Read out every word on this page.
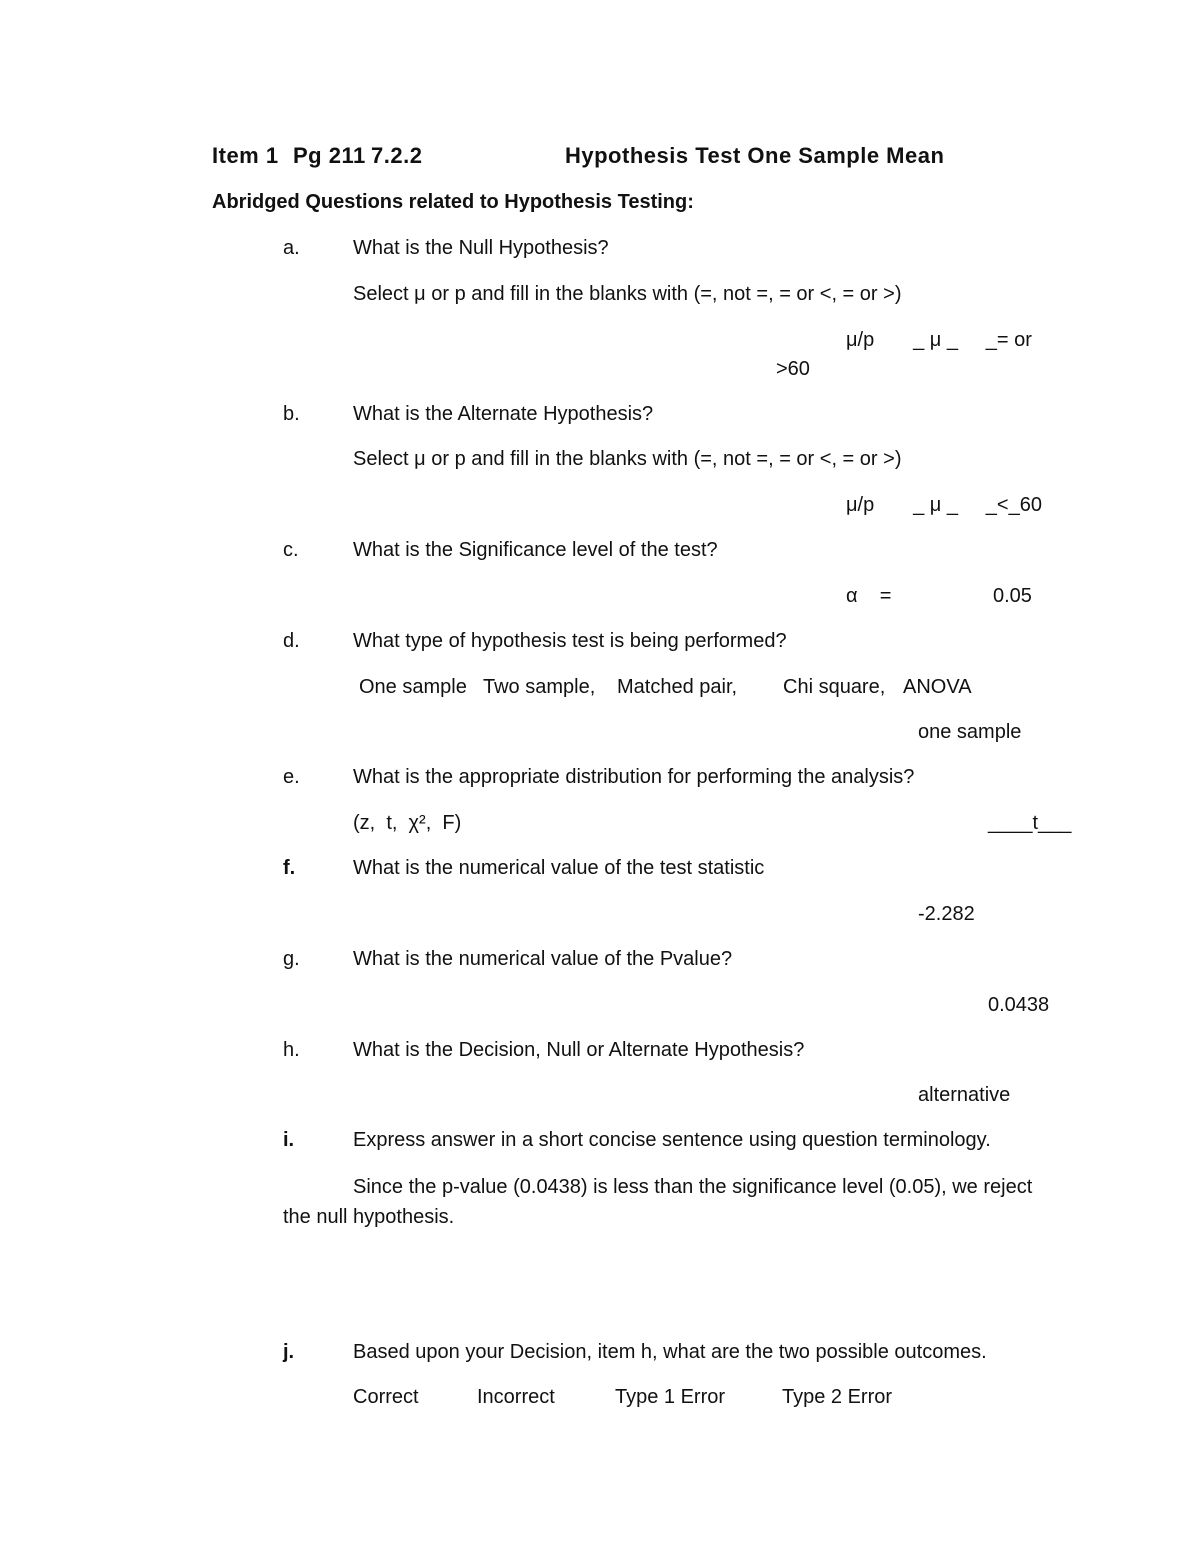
Item 1 Pg 211 7.2.2	Hypothesis Test One Sample Mean
Abridged Questions related to Hypothesis Testing:
a.	What is the Null Hypothesis?
Select μ or p and fill in the blanks with (=, not =, = or <, = or >)
μ/p       _ μ _     _= or
>60
b.	What is the Alternate Hypothesis?
Select μ or p and fill in the blanks with (=, not =, = or <, = or >)
μ/p       _ μ _     _<_60
c.	What is the Significance level of the test?
α    =	0.05
d.	What type of hypothesis test is being performed?
One sample Two sample, Matched pair, Chi square, ANOVA
one sample
e.	What is the appropriate distribution for performing the analysis?
(z,  t,  χ²,  F)	____t___
f.	What is the numerical value of the test statistic
-2.282
g.	What is the numerical value of the Pvalue?
0.0438
h.	What is the Decision, Null or Alternate Hypothesis?
alternative
i.	Express answer in a short concise sentence using question terminology.
Since the p-value (0.0438) is less than the significance level (0.05), we reject
the null hypothesis.
j.	Based upon your Decision, item h, what are the two possible outcomes.
Correct	Incorrect	Type 1 Error	Type 2 Error
